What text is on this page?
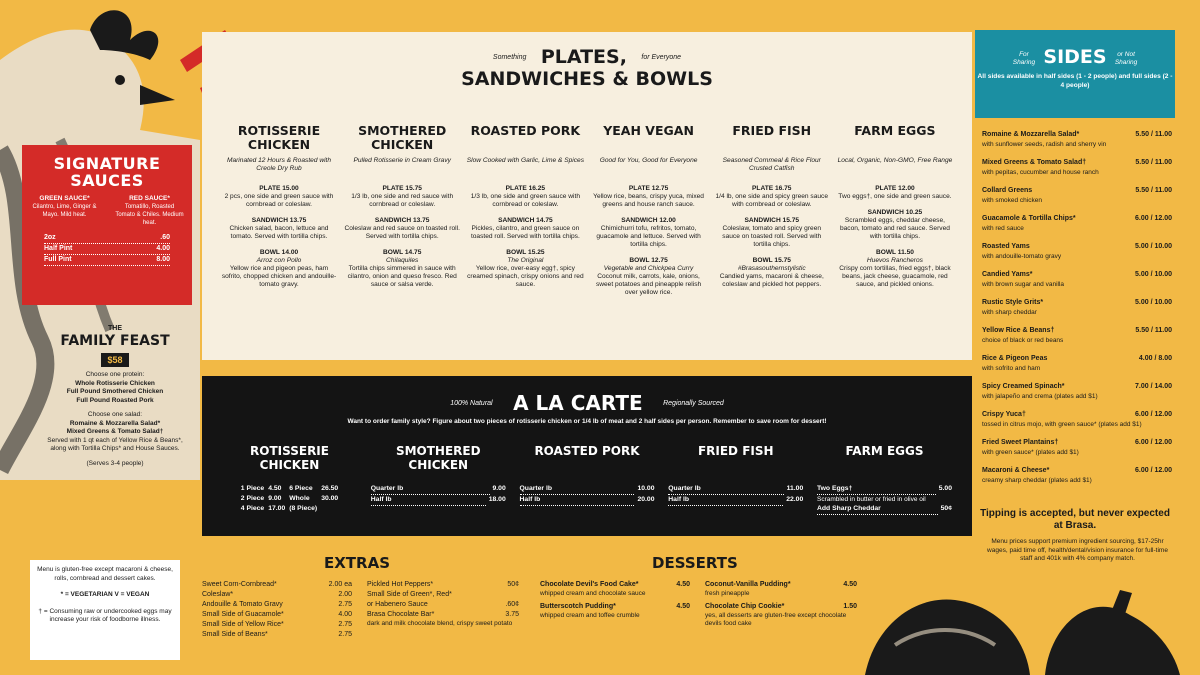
SIGNATURE SAUCES
GREEN SAUCE*
Cilantro, Lime, Ginger & Mayo. Mild heat.
RED SAUCE*
Tomatillo, Roasted Tomato & Chiles. Medium heat.
2oz	.60
Half Pint	4.00
Full Pint	8.00
THE
FAMILY FEAST
$58
Choose one protein:
Whole Rotisserie Chicken
Full Pound Smothered Chicken
Full Pound Roasted Pork
Choose one salad:
Romaine & Mozzarella Salad*
Mixed Greens & Tomato Salad†
Served with 1 qt each of Yellow Rice & Beans*, along with Tortilla Chips* and House Sauces.
(Serves 3-4 people)
Menu is gluten-free except macaroni & cheese, rolls, cornbread and dessert cakes.
* = VEGETARIAN V = VEGAN
† = Consuming raw or undercooked eggs may increase your risk of foodborne illness.
Something PLATES, for Everyone
SANDWICHES & BOWLS
ROTISSERIE CHICKEN
Marinated 12 Hours & Roasted with Creole Dry Rub
PLATE 15.00
2 pcs, one side and green sauce with cornbread or coleslaw.
SANDWICH 13.75
Chicken salad, bacon, lettuce and tomato. Served with tortilla chips.
BOWL 14.00
Arroz con Pollo
Yellow rice and pigeon peas, ham sofrito, chopped chicken and andouille-tomato gravy.
SMOTHERED CHICKEN
Pulled Rotisserie in Cream Gravy
PLATE 15.75
1/3 lb, one side and red sauce with cornbread or coleslaw.
SANDWICH 13.75
Coleslaw and red sauce on toasted roll. Served with tortilla chips.
BOWL 14.75
Chilaquiles
Tortilla chips simmered in sauce with cilantro, onion and queso fresco. Red sauce or salsa verde.
ROASTED PORK
Slow Cooked with Garlic, Lime & Spices
PLATE 16.25
1/3 lb, one side and green sauce with cornbread or coleslaw.
SANDWICH 14.75
Pickles, cilantro, and green sauce on toasted roll. Served with tortilla chips.
BOWL 15.25
The Original
Yellow rice, over-easy egg†, spicy creamed spinach, crispy onions and red sauce.
YEAH VEGAN
Good for You, Good for Everyone
PLATE 12.75
Yellow rice, beans, crispy yuca, mixed greens and house ranch sauce.
SANDWICH 12.00
Chimichurri tofu, refritos, tomato, guacamole and lettuce. Served with tortilla chips.
BOWL 12.75
Vegetable and Chickpea Curry
Coconut milk, carrots, kale, onions, sweet potatoes and pineapple relish over yellow rice.
FRIED FISH
Seasoned Cornmeal & Rice Flour Crusted Catfish
PLATE 16.75
1/4 lb, one side and spicy green sauce with cornbread or coleslaw.
SANDWICH 15.75
Coleslaw, tomato and spicy green sauce on toasted roll. Served with tortilla chips.
BOWL 15.75
#Brasasouthernstylistic
Candied yams, macaroni & cheese, coleslaw and pickled hot peppers.
FARM EGGS
Local, Organic, Non-GMO, Free Range
PLATE 12.00
Two eggs†, one side and green sauce.
SANDWICH 10.25
Scrambled eggs, cheddar cheese, bacon, tomato and red sauce. Served with tortilla chips.
BOWL 11.50
Huevos Rancheros
Crispy corn tortillas, fried eggs†, black beans, jack cheese, guacamole, red sauce, and pickled onions.
100% Natural A LA CARTE	Regionally Sourced
Want to order family style? Figure about two pieces of rotisserie chicken or 1/4 lb of meat and 2 half sides per person. Remember to save room for dessert!
ROTISSERIE CHICKEN
1 Piece	4.50	6 Piece	26.50
2 Piece	9.00	Whole	30.00
4 Piece	17.00	(8 Piece)	
SMOTHERED CHICKEN
Quarter lb	9.00
Half lb	18.00
ROASTED PORK
Quarter lb	10.00
Half lb	20.00
FRIED FISH
Quarter lb	11.00
Half lb	22.00
FARM EGGS
Two Eggs†	5.00
Scrambled in butter or fried in olive oil
Add Sharp Cheddar	50¢
EXTRAS
Sweet Corn-Cornbread*	2.00 ea
Coleslaw*	2.00
Andouille & Tomato Gravy	2.75
Small Side of Guacamole*	4.00
Small Side of Yellow Rice*	2.75
Small Side of Beans*	2.75
Pickled Hot Peppers*	50¢
Small Side of Green*, Red*
or Habenero Sauce	.60¢
Brasa Chocolate Bar*	3.75
dark and milk chocolate blend, crispy sweet potato
DESSERTS
Chocolate Devil's Food Cake*	4.50
whipped cream and chocolate sauce
Butterscotch Pudding*	4.50
whipped cream and toffee crumble
Coconut-Vanilla Pudding*	4.50
fresh pineapple
Chocolate Chip Cookie*	1.50
yes, all desserts are gluten-free except chocolate devils food cake
For Sharing SIDES or Not Sharing
All sides available in half sides (1 - 2 people) and full sides (2 - 4 people)
Romaine & Mozzarella Salad*	5.50 / 11.00
with sunflower seeds, radish and sherry vin
Mixed Greens & Tomato Salad†	5.50 / 11.00
with pepitas, cucumber and house ranch
Collard Greens	5.50 / 11.00
with smoked chicken
Guacamole & Tortilla Chips*	6.00 / 12.00
with red sauce
Roasted Yams	5.00 / 10.00
with andouille-tomato gravy
Candied Yams*	5.00 / 10.00
with brown sugar and vanilla
Rustic Style Grits*	5.00 / 10.00
with sharp cheddar
Yellow Rice & Beans†	5.50 / 11.00
choice of black or red beans
Rice & Pigeon Peas	4.00 / 8.00
with sofrito and ham
Spicy Creamed Spinach*	7.00 / 14.00
with jalapeño and crema (plates add $1)
Crispy Yuca†	6.00 / 12.00
tossed in citrus mojo, with green sauce* (plates add $1)
Fried Sweet Plantains†	6.00 / 12.00
with green sauce* (plates add $1)
Macaroni & Cheese*	6.00 / 12.00
creamy sharp cheddar (plates add $1)
Tipping is accepted, but never expected at Brasa.
Menu prices support premium ingredient sourcing, $17-25hr wages, paid time off, health/dental/vision insurance for full-time staff and 401k with 4% company match.
